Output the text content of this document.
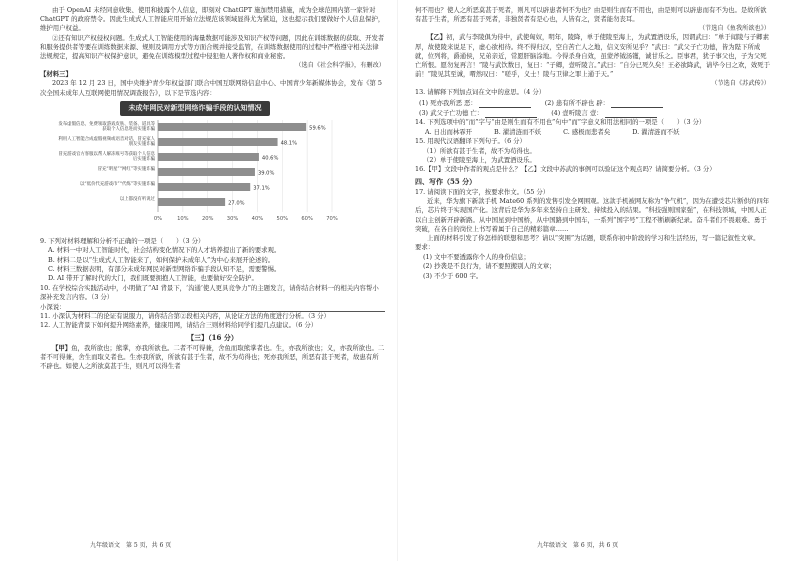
由于 OpenAI 未经同意收集、使用和披露个人信息，即刻对 ChatGPT 施加禁用措施，成为全球范围内第一家针对 ChatGPT 的政府禁令。因此生成式人工智能应用开始立法规范该领域显得尤为紧迫，这也提示我们要做好个人信息保护，维护用户权益。

②还有知识产权侵权问题。生成式人工智能使用的海量数据可能涉及知识产权等问题，因此在训练数据的获取、开发者和服务提供者等要在训练数据来源、规则及调用方式等方面合规并接受监管，在训练数据使用的过程中严格遵守相关法律法规规定，提高知识产权保护意识，避免在训练模型过程中侵犯他人著作权和商业秘密。

（选自《社会科学报》，有删改）

【材料三】

2023 年 12 月 23 日，国中央维护青少年权益部门联合中国互联网络信息中心、中国青少年新媒体协会，发布《第 5 次全国未成年人互联网使用情况调查报告》，以下是节选内容：

未成年网民对新型网络诈骗手段的认知情况
0%	10%	20%	30%	40%	50%	60%	70%
59.6%
发布虚假信息，免费领取游戏皮肤、装备、道具等获取个人信息进而实施诈骗
48.1%
利用人工智能合成虚假视频或语音对话，冒充家人朋友实施诈骗
40.6%
冒充游戏官方客服以帮人解冻账号等获取个人信息后实施诈骗
39.0%
冒充“明星”“网红”等实施诈骗
37.1%
以“低价代充游戏币”“代练”等实施诈骗
27.0%
以上都没有听说过

9. 下列对材料理解和分析不正确的一项是（　　）（3 分）

A. 材料一中对人工智能时代，社会结构变化情况下的人才培养提出了新的要求观。

B. 材料二是以“生成式人工智能来了，如何保护未成年人”为中心来展开论述的。

C. 材料三数据表明，有部分未成年网民对新型网络诈骗手段认知不足，需要警惕。

D. AI 带开了解时代的大门，我们既要拥抱人工智能，也要做好安全防护。

10. 在学校综合实践活动中，小明做了“AI 背景下，‘沟通’使人更具竞争力”的主题发言，请你结合材料一的相关内容帮小深补充发言内容。（3 分）

小深说：

11. 小深认为材料二的论证有说服力，请你结合第②段相关内容，从论证方法的角度进行分析。（3 分）

12. 人工智能背景下如何提升网络素养，健康用网，请结合三则材料给同学们提几点建议。（6 分）

【三】（16 分）

【甲】鱼，我所欲也；熊掌，亦我所欲也。二者不可得兼，舍鱼而取熊掌者也。生，亦我所欲也；义，亦我所欲也。二者不可得兼，舍生而取义者也。生亦我所欲，所欲有甚于生者，故不为苟得也；死亦我所恶，所恶有甚于死者，故患有所不辟也。如使人之所欲莫甚于生，则凡可以得生者

九年级语文　第 5 页，共 6 页

何不用也？使人之所恶莫甚于死者，则凡可以辟患者何不为也？由是则生而有不用也，由是则可以辟患而有不为也。是故所欲有甚于生者，所恶有甚于死者，非独贤者有是心也，人皆有之，贤者能勿丧耳。

（节选自《鱼我所欲也》）

【乙】初，武与李陵俱为侍中，武使匈奴，明年，陵降，单于使陵至海上，为武置酒设乐，因谓武曰：“单于闻陵与子卿素厚，故使陵来说足下，虚心欲相待。终不得归汉，空自苦亡人之地，信义安所见乎？”武曰：“武父子亡功德，皆为陛下所成就，位列将，爵通侯，兄弟亲近，常愿肝脑涂地。今得杀身自效，虽蒙斧钺汤镬，诚甘乐之。臣事君，犹子事父也，子为父死亡所恨。愿勿复再言！”陵与武饮数日，复曰：“子卿，壹听陵言。”武曰：“自分已死久矣！王必欲降武，请毕今日之欢，效死于前！”陵见其至诚，喟然叹曰：“嗟乎，义士！陵与卫律之罪上通于天。”

（节选自《苏武传》）

13. 请解释下列加点词在文中的意思。（4 分）

(1) 死亦我所恶 恶：	(2) 患有所不辟也 辟：
(3) 武父子亡功德 亡：	(4) 壹听陵言 壹：

14. 下列选项中的“而”字与“由是则生而有不用也”句中“而”字意义和用法相同的一项是（　　）（3 分）

A. 日出而林霏开	B. 濯清涟而不妖	C. 感极而悲者矣	D. 濯清涟而不妖

15. 用现代汉语翻译下列句子。（6 分）

（1）所欲有甚于生者，故不为苟得也。

（2）单于使陵至海上，为武置酒设乐。

16.【甲】文段中作者的观点是什么？【乙】文段中苏武的事例可以验证这个观点吗？请简要分析。（3 分）

四、写作（55 分）

17. 请阅读下面的文字，按要求作文。（55 分）

近来，华为旗下新款手机 Mate60 系列的发售引发全网围观。这款手机被网友称为“争气机”，因为在遭受芯片断供的四年后，芯片终于实现国产化。这背后是华为多年来坚持自主研发、持续投入的结果。“科技强则国家强”，在科技领域，中国人正以自主创新开辟新路。从中国星到中国桥，从中国路到中国车，一系列“国字号”工程不断刷新纪录。奋斗者们不畏艰难、勇于突破，在各自的岗位上书写着属于自己的精彩篇章……

上面的材料引发了你怎样的联想和思考？请以“突围”为话题，联系你初中阶段的学习和生活经历，写一篇记叙性文章。

要求：

(1) 文中不要透露你个人的身份信息；

(2) 抄袭是不良行为，请不要照搬别人的文章；

(3) 不少于 600 字。

九年级语文　第 6 页，共 6 页
